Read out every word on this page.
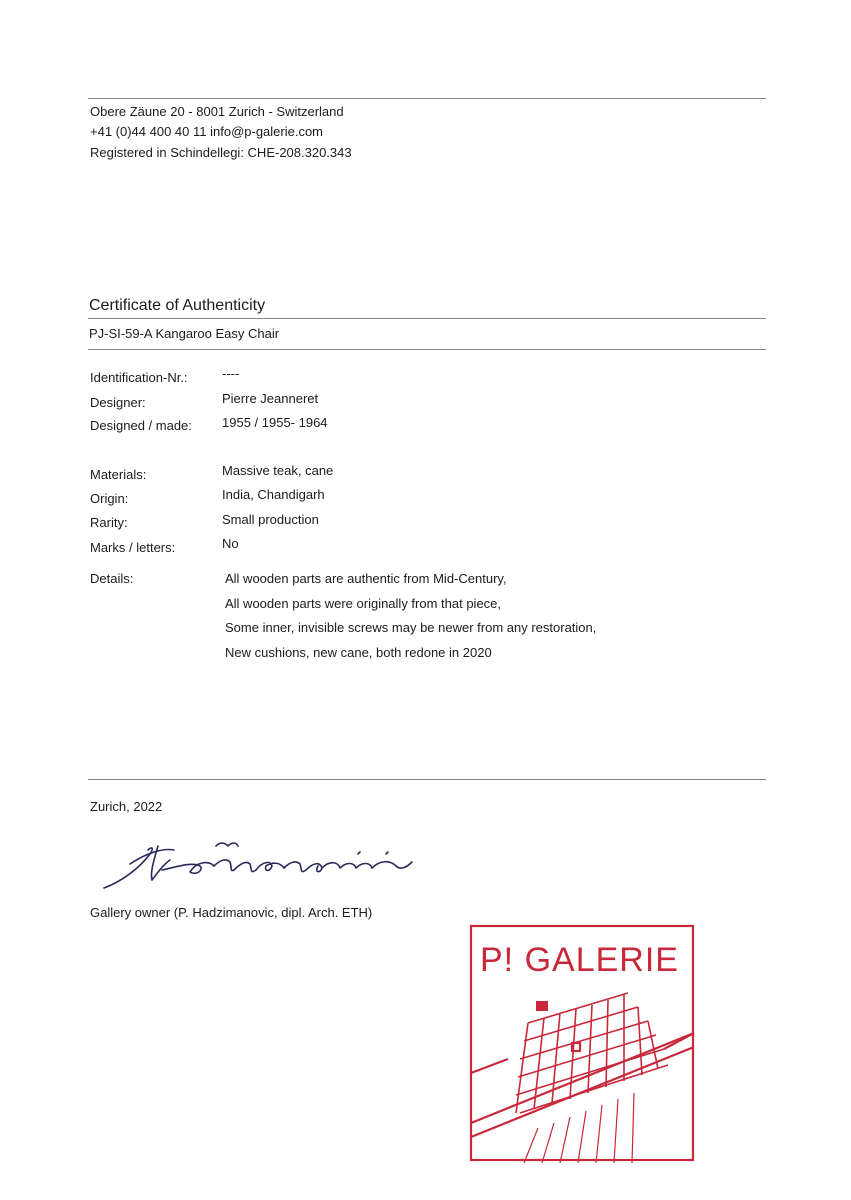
Obere Zäune 20 - 8001 Zurich - Switzerland
+41 (0)44 400 40 11 info@p-galerie.com
Registered in Schindellegi: CHE-208.320.343
Certificate of Authenticity
PJ-SI-59-A Kangaroo Easy Chair
Identification-Nr.:	----
Designer:	Pierre Jeanneret
Designed / made: 1955 / 1955- 1964
Materials:	Massive teak, cane
Origin:	India, Chandigarh
Rarity:	Small production
Marks / letters:	No
Details:	All wooden parts are authentic from Mid-Century,
All wooden parts were originally from that piece,
Some inner, invisible screws may be newer from any restoration,
New cushions, new cane, both redone in 2020
Zurich, 2022
Gallery owner (P. Hadzimanovic, dipl. Arch. ETH)
P! GALERIE
